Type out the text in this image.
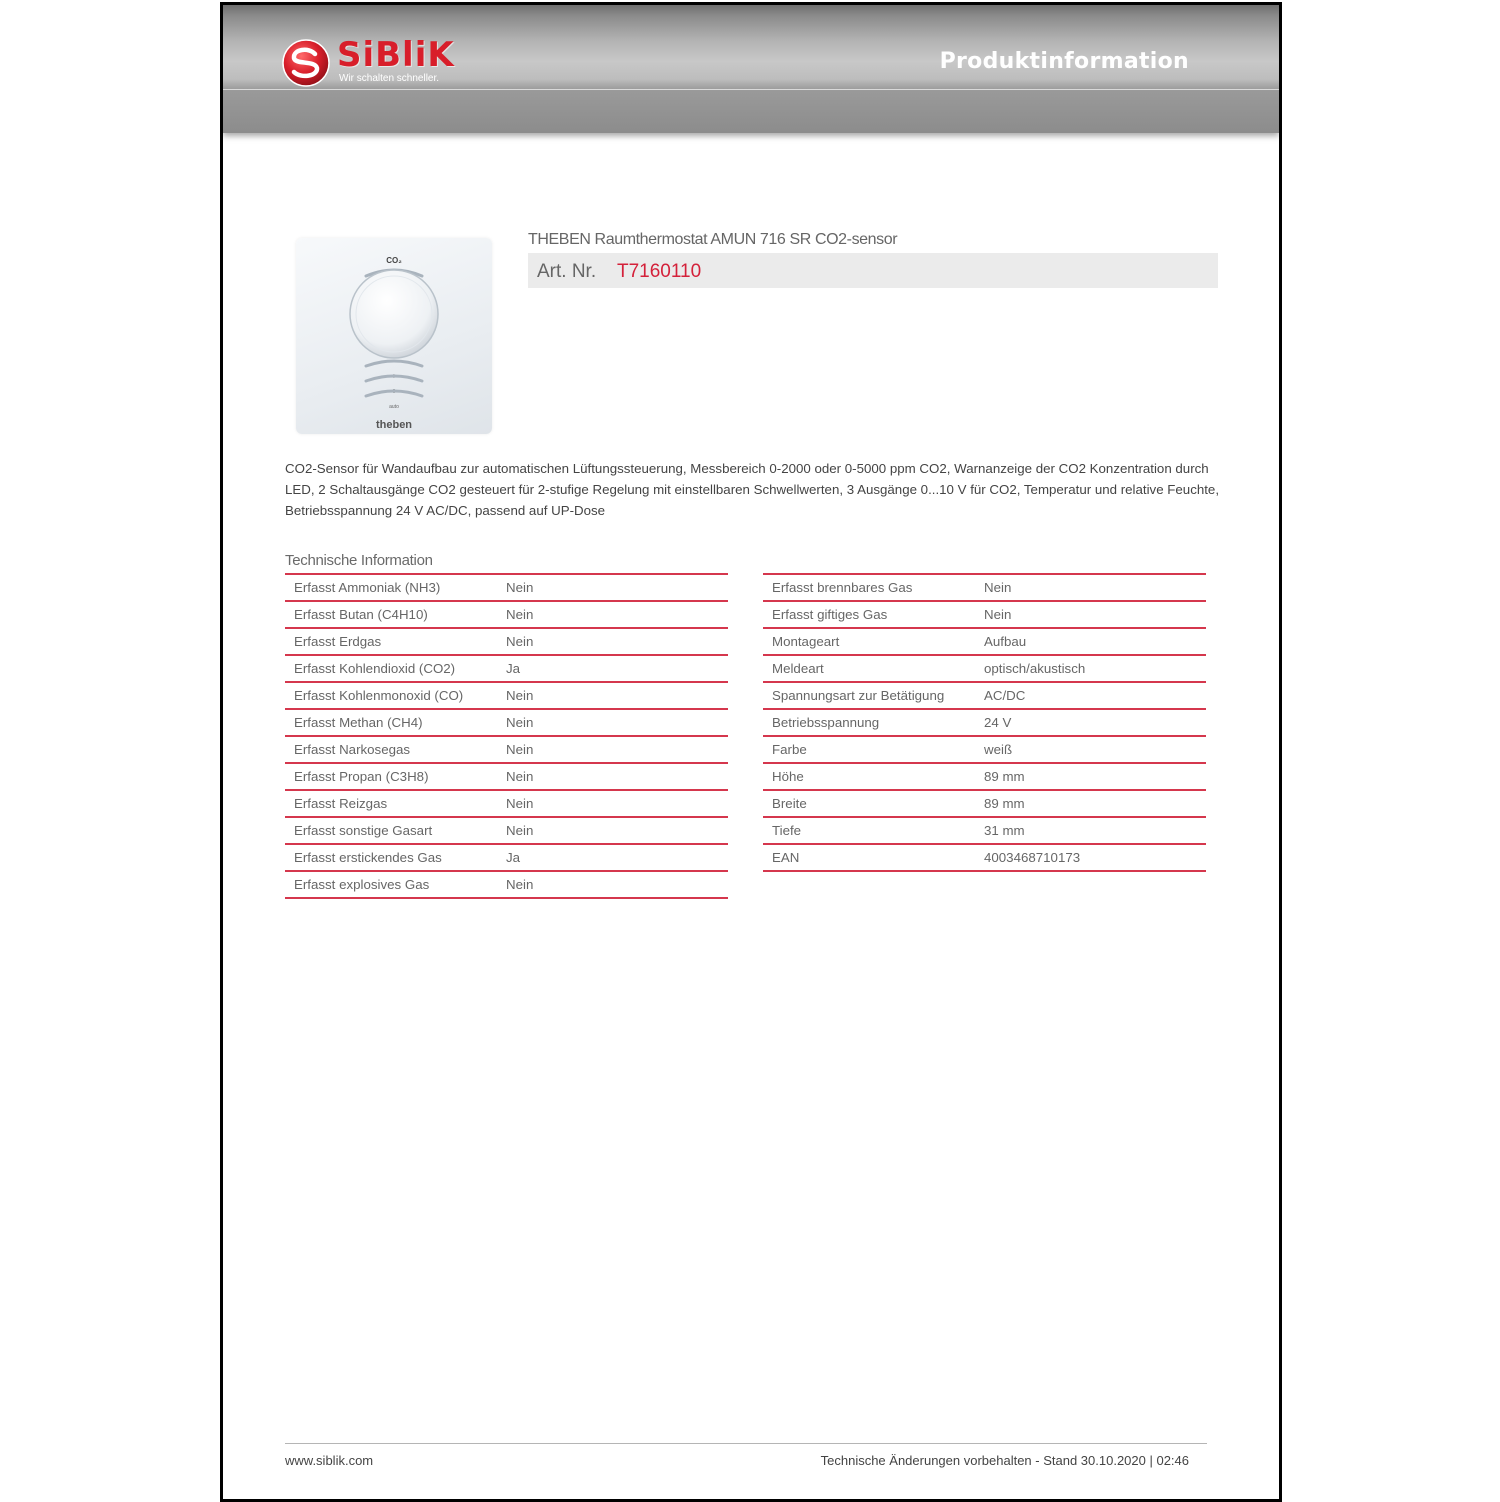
SiBliK
Wir schalten schneller.
Produktinformation
CO₂
I
II
auto
theben
THEBEN Raumthermostat AMUN 716 SR CO2-sensor
Art. Nr. T7160110
CO2-Sensor für Wandaufbau zur automatischen Lüftungssteuerung, Messbereich 0-2000 oder 0-5000 ppm CO2, Warnanzeige der CO2 Konzentration durch LED, 2 Schaltausgänge CO2 gesteuert für 2-stufige Regelung mit einstellbaren Schwellwerten, 3 Ausgänge 0...10 V für CO2, Temperatur und relative Feuchte, Betriebsspannung 24 V AC/DC, passend auf UP-Dose
Technische Information
Erfasst Ammoniak (NH3)	Nein
Erfasst Butan (C4H10)	Nein
Erfasst Erdgas	Nein
Erfasst Kohlendioxid (CO2)	Ja
Erfasst Kohlenmonoxid (CO)	Nein
Erfasst Methan (CH4)	Nein
Erfasst Narkosegas	Nein
Erfasst Propan (C3H8)	Nein
Erfasst Reizgas	Nein
Erfasst sonstige Gasart	Nein
Erfasst erstickendes Gas	Ja
Erfasst explosives Gas	Nein
Erfasst brennbares Gas	Nein
Erfasst giftiges Gas	Nein
Montageart	Aufbau
Meldeart	optisch/akustisch
Spannungsart zur Betätigung	AC/DC
Betriebsspannung	24 V
Farbe	weiß
Höhe	89 mm
Breite	89 mm
Tiefe	31 mm
EAN	4003468710173
www.siblik.com	Technische Änderungen vorbehalten - Stand 30.10.2020 | 02:46
